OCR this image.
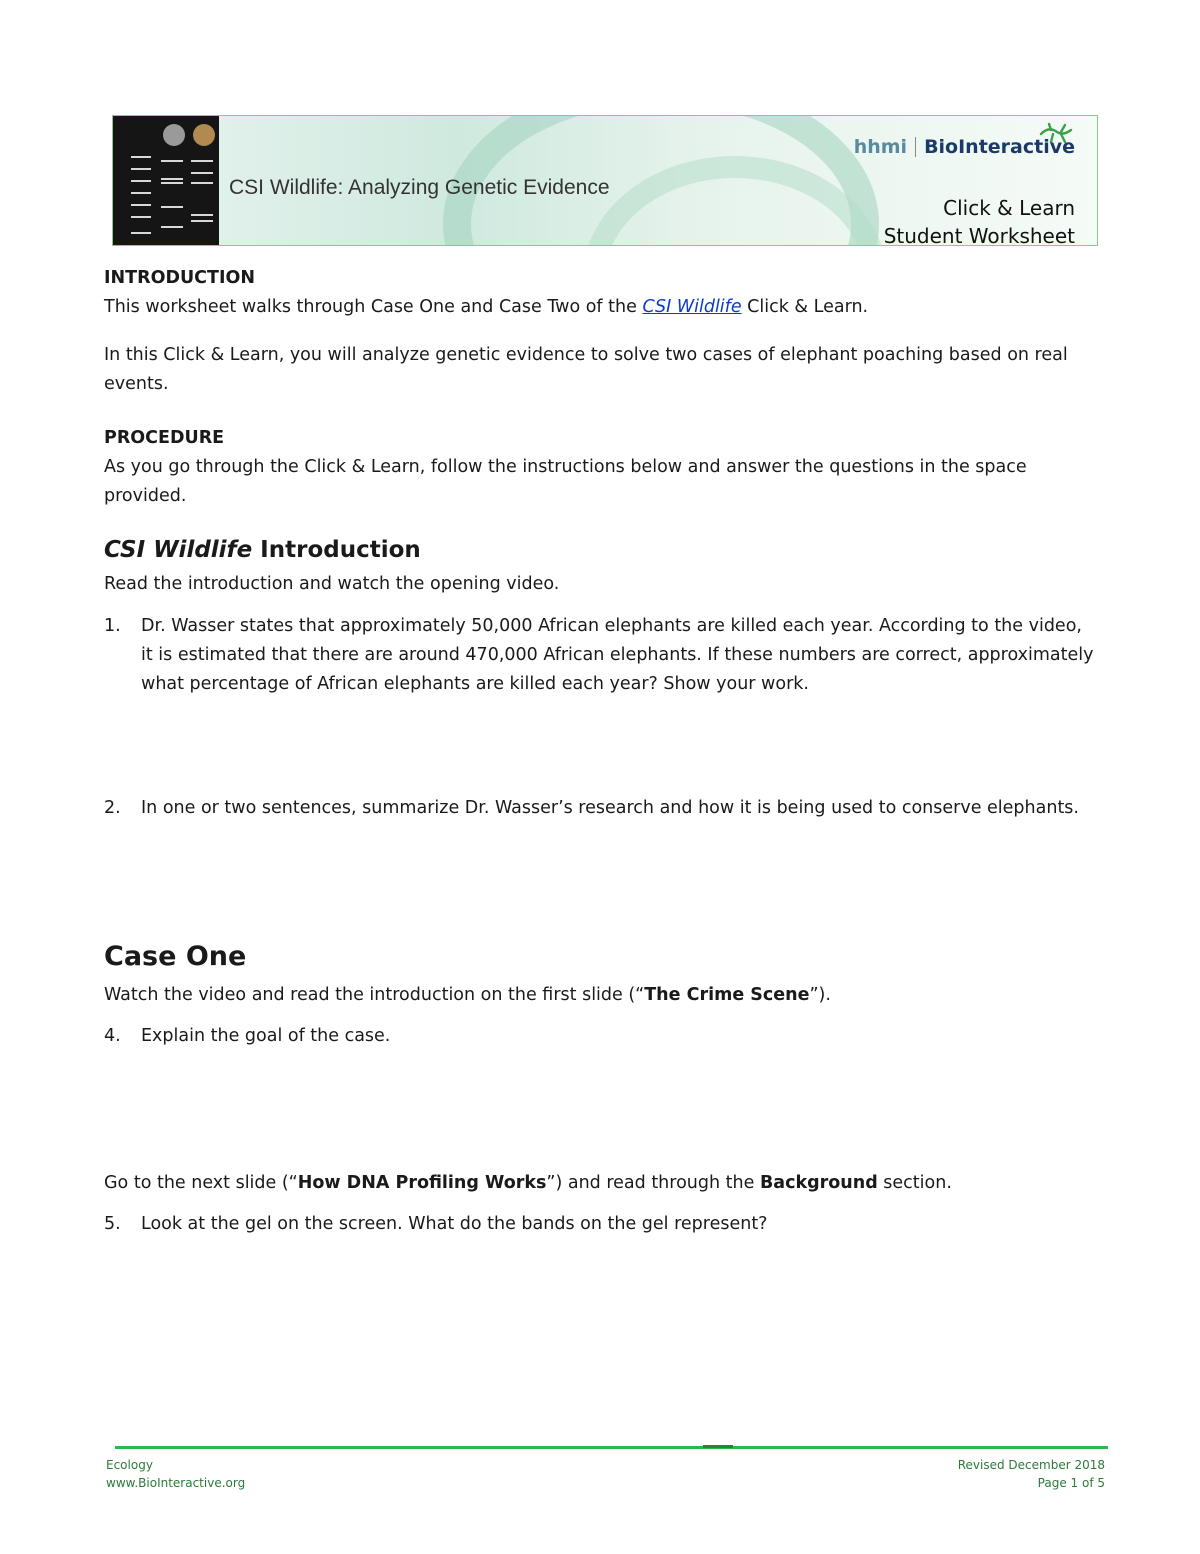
CSI Wildlife: Analyzing Genetic Evidence
hhmi BioInteractive
Click & Learn
Student Worksheet
INTRODUCTION
This worksheet walks through Case One and Case Two of the CSI Wildlife Click & Learn.
In this Click & Learn, you will analyze genetic evidence to solve two cases of elephant poaching based on real events.
PROCEDURE
As you go through the Click & Learn, follow the instructions below and answer the questions in the space provided.
CSI Wildlife Introduction
Read the introduction and watch the opening video.
1. Dr. Wasser states that approximately 50,000 African elephants are killed each year. According to the video, it is estimated that there are around 470,000 African elephants. If these numbers are correct, approximately what percentage of African elephants are killed each year? Show your work.
2. In one or two sentences, summarize Dr. Wasser’s research and how it is being used to conserve elephants.
Case One
Watch the video and read the introduction on the first slide (“The Crime Scene”).
4. Explain the goal of the case.
Go to the next slide (“How DNA Profiling Works”) and read through the Background section.
5. Look at the gel on the screen. What do the bands on the gel represent?
Ecology
www.BioInteractive.org
Revised December 2018
Page 1 of 5
